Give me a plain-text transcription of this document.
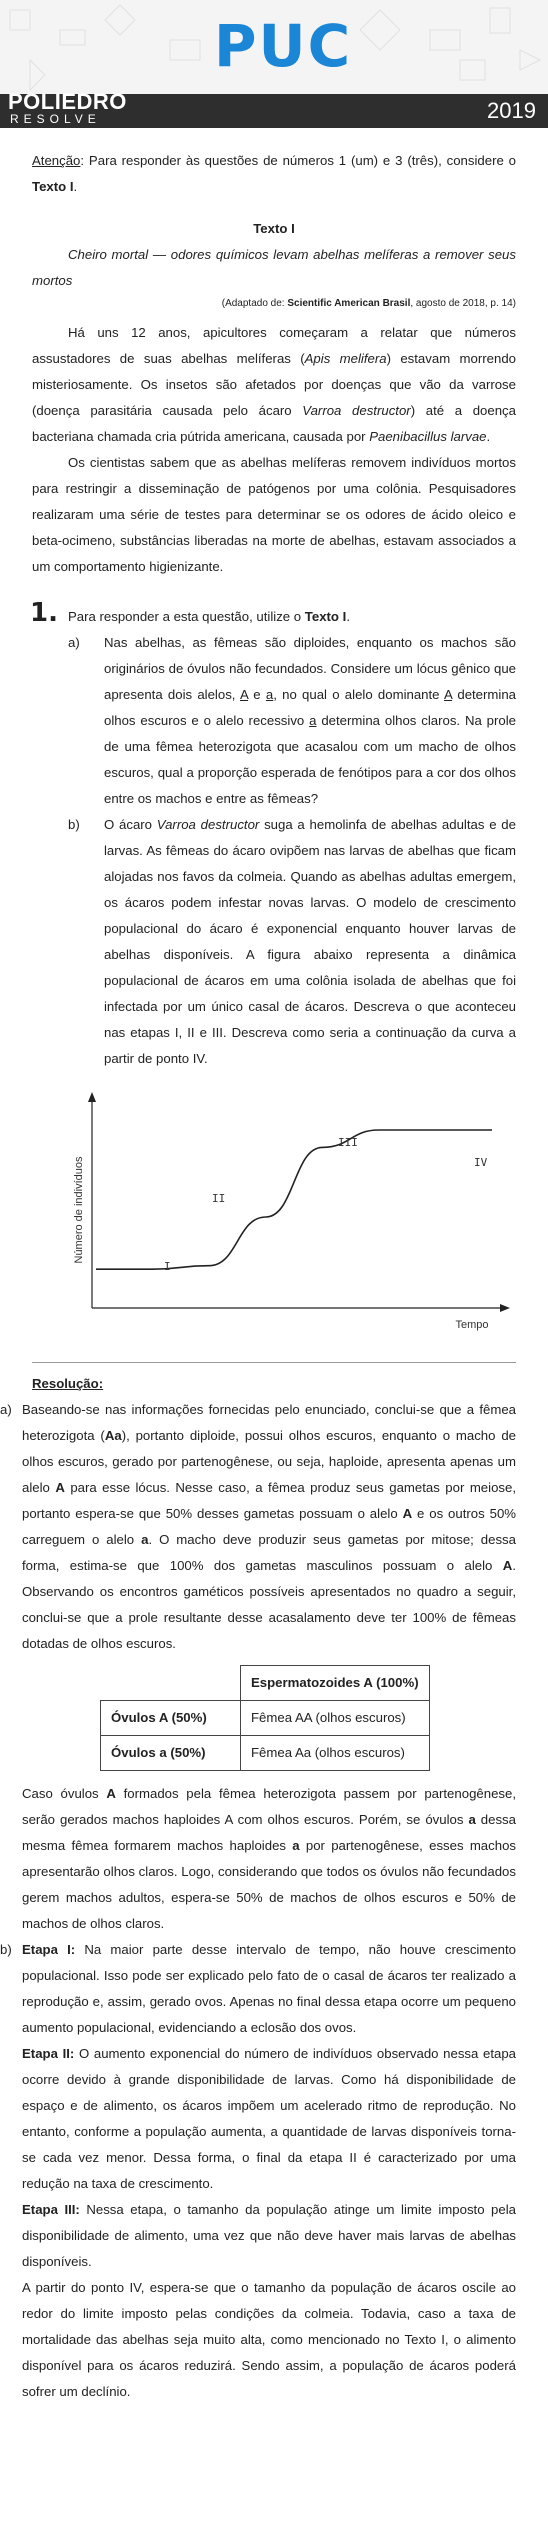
PUC
POLIEDRO
RESOLVE	2019

Atenção: Para responder às questões de números 1 (um) e 3 (três), considere o Texto I.

Texto I

Cheiro mortal — odores químicos levam abelhas melíferas a remover seus mortos

(Adaptado de: Scientific American Brasil, agosto de 2018, p. 14)

Há uns 12 anos, apicultores começaram a relatar que números assustadores de suas abelhas melíferas (Apis melifera) estavam morrendo misteriosamente. Os insetos são afetados por doenças que vão da varrose (doença parasitária causada pelo ácaro Varroa destructor) até a doença bacteriana chamada cria pútrida americana, causada por Paenibacillus larvae.

Os cientistas sabem que as abelhas melíferas removem indivíduos mortos para restringir a disseminação de patógenos por uma colônia. Pesquisadores realizaram uma série de testes para determinar se os odores de ácido oleico e beta-ocimeno, substâncias liberadas na morte de abelhas, estavam associados a um comportamento higienizante.

1. Para responder a esta questão, utilize o Texto I.

a) Nas abelhas, as fêmeas são diploides, enquanto os machos são originários de óvulos não fecundados. Considere um lócus gênico que apresenta dois alelos, A e a, no qual o alelo dominante A determina olhos escuros e o alelo recessivo a determina olhos claros. Na prole de uma fêmea heterozigota que acasalou com um macho de olhos escuros, qual a proporção esperada de fenótipos para a cor dos olhos entre os machos e entre as fêmeas?

b) O ácaro Varroa destructor suga a hemolinfa de abelhas adultas e de larvas. As fêmeas do ácaro ovipõem nas larvas de abelhas que ficam alojadas nos favos da colmeia. Quando as abelhas adultas emergem, os ácaros podem infestar novas larvas. O modelo de crescimento populacional do ácaro é exponencial enquanto houver larvas de abelhas disponíveis. A figura abaixo representa a dinâmica populacional de ácaros em uma colônia isolada de abelhas que foi infectada por um único casal de ácaros. Descreva o que aconteceu nas etapas I, II e III. Descreva como seria a continuação da curva a partir de ponto IV.

Número de indivíduos
Tempo
I
II
III
IV

Resolução:

a) Baseando-se nas informações fornecidas pelo enunciado, conclui-se que a fêmea heterozigota (Aa), portanto diploide, possui olhos escuros, enquanto o macho de olhos escuros, gerado por partenogênese, ou seja, haploide, apresenta apenas um alelo A para esse lócus. Nesse caso, a fêmea produz seus gametas por meiose, portanto espera-se que 50% desses gametas possuam o alelo A e os outros 50% carreguem o alelo a. O macho deve produzir seus gametas por mitose; dessa forma, estima-se que 100% dos gametas masculinos possuam o alelo A. Observando os encontros gaméticos possíveis apresentados no quadro a seguir, conclui-se que a prole resultante desse acasalamento deve ter 100% de fêmeas dotadas de olhos escuros.

	Espermatozoides A (100%)
Óvulos A (50%)	Fêmea AA (olhos escuros)
Óvulos a (50%)	Fêmea Aa (olhos escuros)

Caso óvulos A formados pela fêmea heterozigota passem por partenogênese, serão gerados machos haploides A com olhos escuros. Porém, se óvulos a dessa mesma fêmea formarem machos haploides a por partenogênese, esses machos apresentarão olhos claros. Logo, considerando que todos os óvulos não fecundados gerem machos adultos, espera-se 50% de machos de olhos escuros e 50% de machos de olhos claros.

b) Etapa I: Na maior parte desse intervalo de tempo, não houve crescimento populacional. Isso pode ser explicado pelo fato de o casal de ácaros ter realizado a reprodução e, assim, gerado ovos. Apenas no final dessa etapa ocorre um pequeno aumento populacional, evidenciando a eclosão dos ovos.

Etapa II: O aumento exponencial do número de indivíduos observado nessa etapa ocorre devido à grande disponibilidade de larvas. Como há disponibilidade de espaço e de alimento, os ácaros impõem um acelerado ritmo de reprodução. No entanto, conforme a população aumenta, a quantidade de larvas disponíveis torna-se cada vez menor. Dessa forma, o final da etapa II é caracterizado por uma redução na taxa de crescimento.

Etapa III: Nessa etapa, o tamanho da população atinge um limite imposto pela disponibilidade de alimento, uma vez que não deve haver mais larvas de abelhas disponíveis.

A partir do ponto IV, espera-se que o tamanho da população de ácaros oscile ao redor do limite imposto pelas condições da colmeia. Todavia, caso a taxa de mortalidade das abelhas seja muito alta, como mencionado no Texto I, o alimento disponível para os ácaros reduzirá. Sendo assim, a população de ácaros poderá sofrer um declínio.
